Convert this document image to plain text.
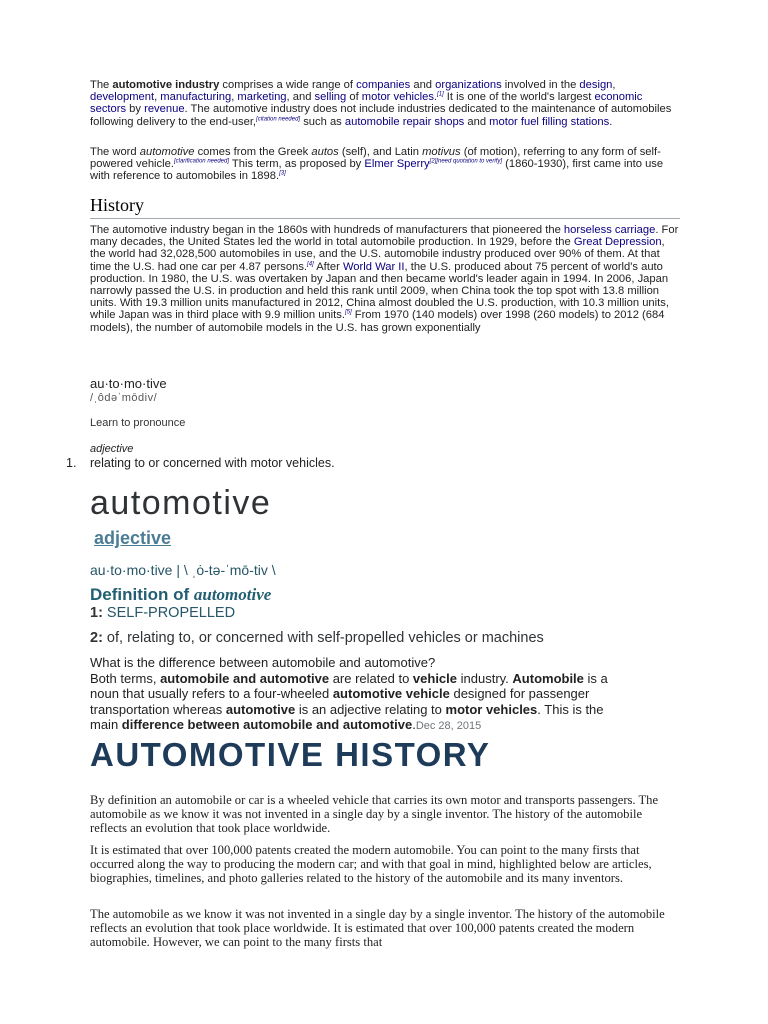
The automotive industry comprises a wide range of companies and organizations involved in the design, development, manufacturing, marketing, and selling of motor vehicles.[1] It is one of the world's largest economic sectors by revenue. The automotive industry does not include industries dedicated to the maintenance of automobiles following delivery to the end-user,[citation needed] such as automobile repair shops and motor fuel filling stations.
The word automotive comes from the Greek autos (self), and Latin motivus (of motion), referring to any form of self-powered vehicle.[clarification needed] This term, as proposed by Elmer Sperry[2][need quotation to verify] (1860-1930), first came into use with reference to automobiles in 1898.[3]
History
The automotive industry began in the 1860s with hundreds of manufacturers that pioneered the horseless carriage. For many decades, the United States led the world in total automobile production. In 1929, before the Great Depression, the world had 32,028,500 automobiles in use, and the U.S. automobile industry produced over 90% of them. At that time the U.S. had one car per 4.87 persons.[4] After World War II, the U.S. produced about 75 percent of world's auto production. In 1980, the U.S. was overtaken by Japan and then became world's leader again in 1994. In 2006, Japan narrowly passed the U.S. in production and held this rank until 2009, when China took the top spot with 13.8 million units. With 19.3 million units manufactured in 2012, China almost doubled the U.S. production, with 10.3 million units, while Japan was in third place with 9.9 million units.[5] From 1970 (140 models) over 1998 (260 models) to 2012 (684 models), the number of automobile models in the U.S. has grown exponentially
au·to·mo·tive
/ˌôdəˈmōdiv/
Learn to pronounce
adjective
1. relating to or concerned with motor vehicles.
automotive
adjective
au·to·mo·tive | \ ˌȯ-tə-ˈmō-tiv \
Definition of automotive
1: SELF-PROPELLED
2: of, relating to, or concerned with self-propelled vehicles or machines
What is the difference between automobile and automotive?
Both terms, automobile and automotive are related to vehicle industry. Automobile is a noun that usually refers to a four-wheeled automotive vehicle designed for passenger transportation whereas automotive is an adjective relating to motor vehicles. This is the main difference between automobile and automotive.Dec 28, 2015
AUTOMOTIVE HISTORY
By definition an automobile or car is a wheeled vehicle that carries its own motor and transports passengers. The automobile as we know it was not invented in a single day by a single inventor. The history of the automobile reflects an evolution that took place worldwide.
It is estimated that over 100,000 patents created the modern automobile. You can point to the many firsts that occurred along the way to producing the modern car; and with that goal in mind, highlighted below are articles, biographies, timelines, and photo galleries related to the history of the automobile and its many inventors.
The automobile as we know it was not invented in a single day by a single inventor. The history of the automobile reflects an evolution that took place worldwide. It is estimated that over 100,000 patents created the modern automobile. However, we can point to the many firsts that
